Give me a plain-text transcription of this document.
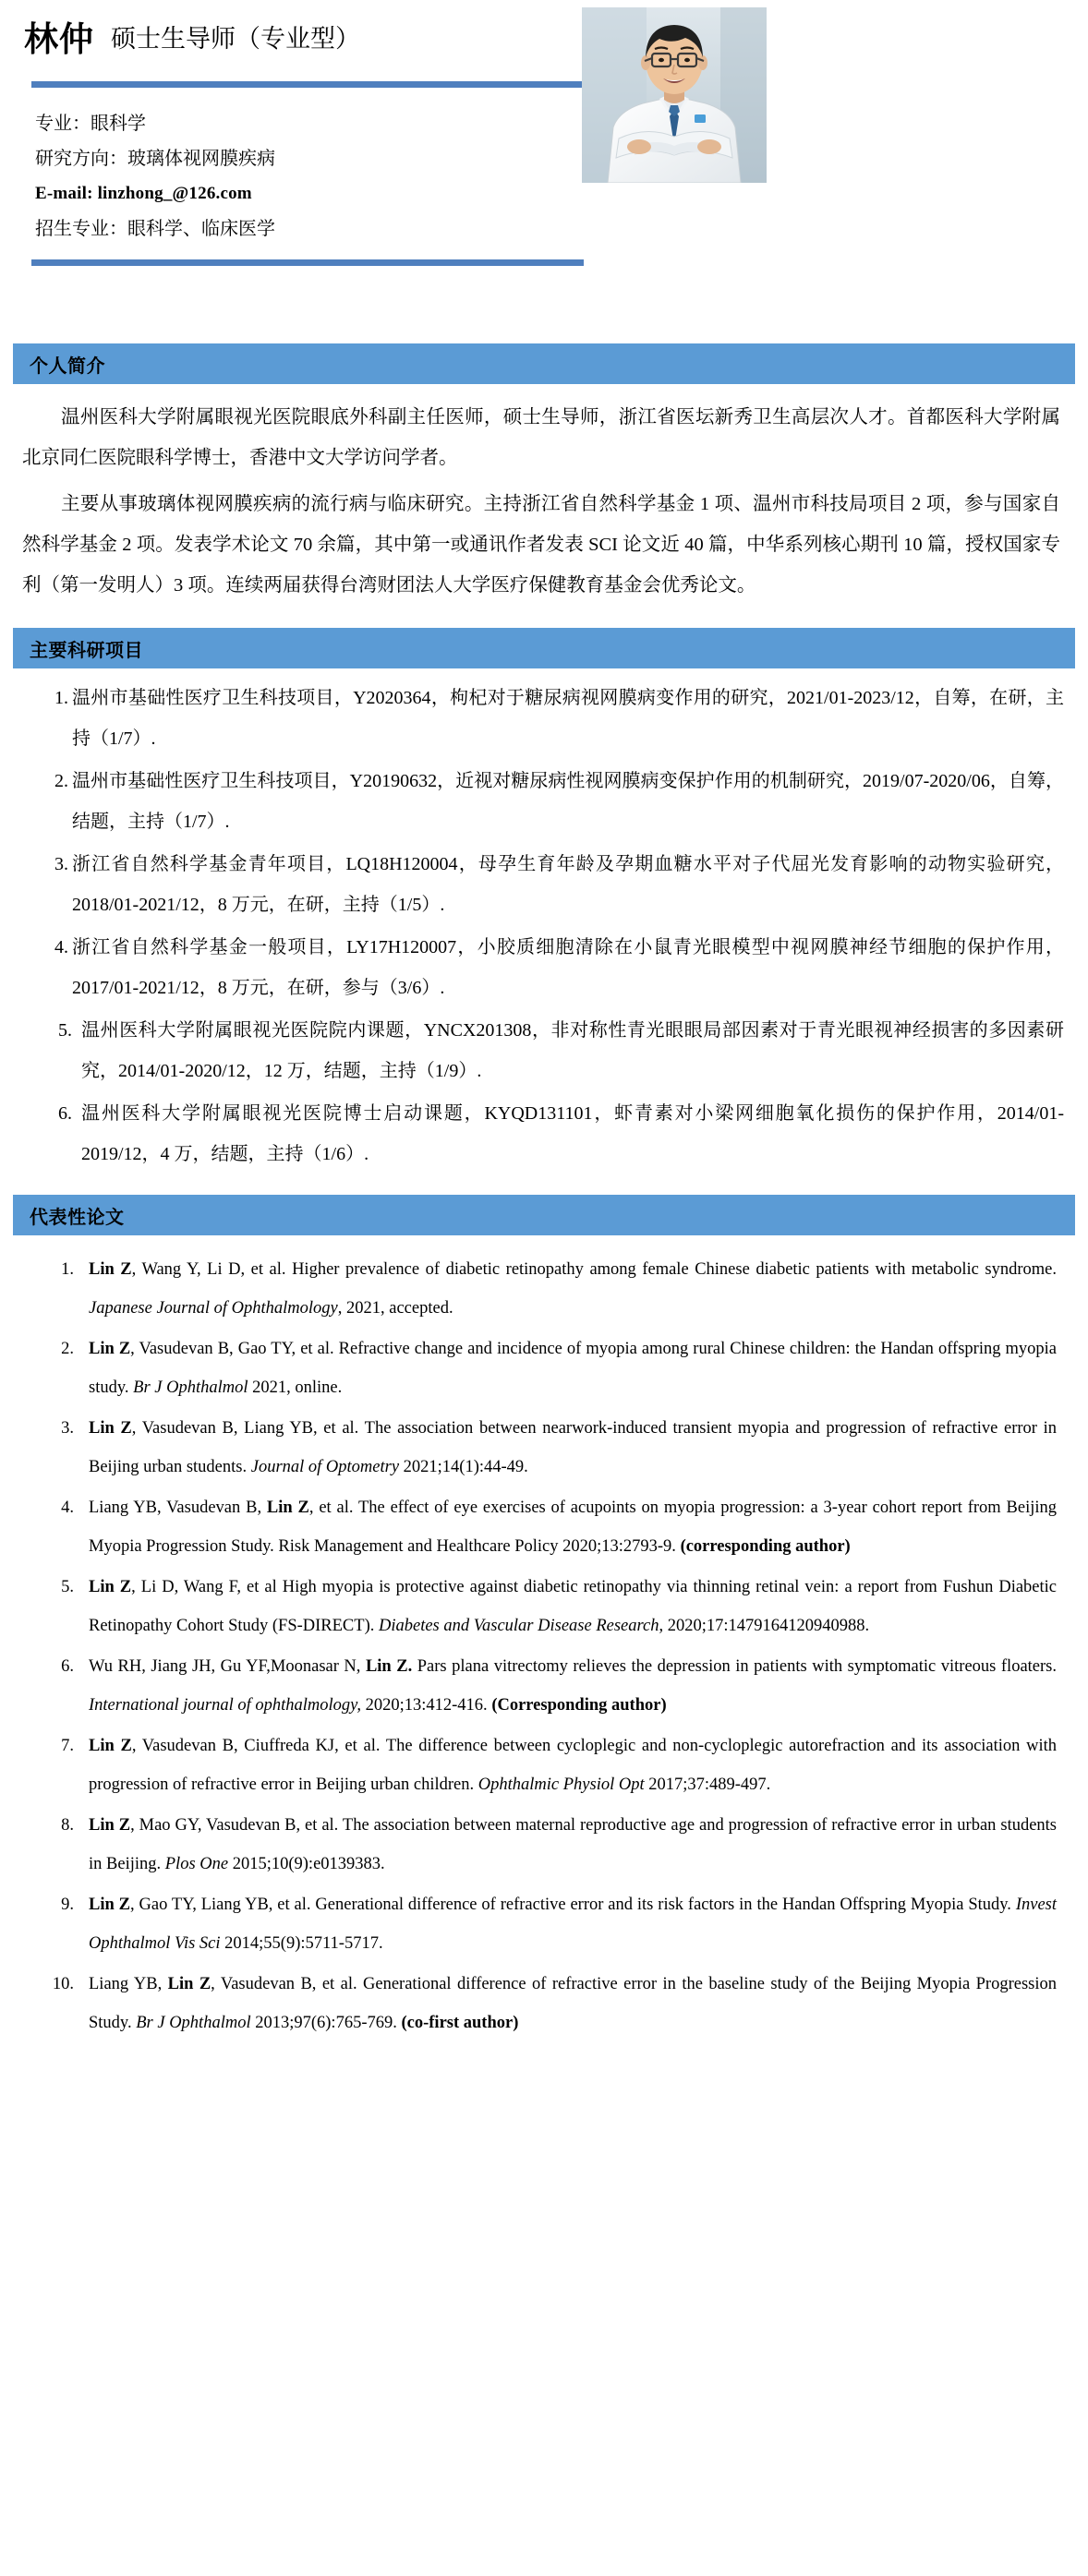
林仲 硕士生导师（专业型）
专业：眼科学
研究方向：玻璃体视网膜疾病
E-mail: linzhong_@126.com
招生专业：眼科学、临床医学
个人简介

温州医科大学附属眼视光医院眼底外科副主任医师，硕士生导师，浙江省医坛新秀卫生高层次人才。首都医科大学附属北京同仁医院眼科学博士，香港中文大学访问学者。

主要从事玻璃体视网膜疾病的流行病与临床研究。主持浙江省自然科学基金 1 项、温州市科技局项目 2 项，参与国家自然科学基金 2 项。发表学术论文 70 余篇，其中第一或通讯作者发表 SCI 论文近 40 篇，中华系列核心期刊 10 篇，授权国家专利（第一发明人）3 项。连续两届获得台湾财团法人大学医疗保健教育基金会优秀论文。

主要科研项目
1. 温州市基础性医疗卫生科技项目，Y2020364，枸杞对于糖尿病视网膜病变作用的研究，2021/01-2023/12，自筹，在研，主持（1/7）.
2. 温州市基础性医疗卫生科技项目，Y20190632，近视对糖尿病性视网膜病变保护作用的机制研究，2019/07-2020/06，自筹，结题，主持（1/7）.
3. 浙江省自然科学基金青年项目，LQ18H120004，母孕生育年龄及孕期血糖水平对子代屈光发育影响的动物实验研究，2018/01-2021/12，8 万元，在研，主持（1/5）.
4. 浙江省自然科学基金一般项目，LY17H120007，小胶质细胞清除在小鼠青光眼模型中视网膜神经节细胞的保护作用，2017/01-2021/12，8 万元，在研，参与（3/6）.
5. 温州医科大学附属眼视光医院院内课题，YNCX201308，非对称性青光眼眼局部因素对于青光眼视神经损害的多因素研究，2014/01-2020/12，12 万，结题，主持（1/9）.
6. 温州医科大学附属眼视光医院博士启动课题，KYQD131101，虾青素对小梁网细胞氧化损伤的保护作用，2014/01-2019/12，4 万，结题，主持（1/6）.
代表性论文
1. Lin Z, Wang Y, Li D, et al. Higher prevalence of diabetic retinopathy among female Chinese diabetic patients with metabolic syndrome. Japanese Journal of Ophthalmology, 2021, accepted.
2. Lin Z, Vasudevan B, Gao TY, et al. Refractive change and incidence of myopia among rural Chinese children: the Handan offspring myopia study. Br J Ophthalmol 2021, online.
3. Lin Z, Vasudevan B, Liang YB, et al. The association between nearwork-induced transient myopia and progression of refractive error in Beijing urban students. Journal of Optometry 2021;14(1):44-49.
4. Liang YB, Vasudevan B, Lin Z, et al. The effect of eye exercises of acupoints on myopia progression: a 3-year cohort report from Beijing Myopia Progression Study. Risk Management and Healthcare Policy 2020;13:2793-9. (corresponding author)
5. Lin Z, Li D, Wang F, et al High myopia is protective against diabetic retinopathy via thinning retinal vein: a report from Fushun Diabetic Retinopathy Cohort Study (FS-DIRECT). Diabetes and Vascular Disease Research, 2020;17:1479164120940988.
6. Wu RH, Jiang JH, Gu YF,Moonasar N, Lin Z. Pars plana vitrectomy relieves the depression in patients with symptomatic vitreous floaters. International journal of ophthalmology, 2020;13:412-416. (Corresponding author)
7. Lin Z, Vasudevan B, Ciuffreda KJ, et al. The difference between cycloplegic and non-cycloplegic autorefraction and its association with progression of refractive error in Beijing urban children. Ophthalmic Physiol Opt 2017;37:489-497.
8. Lin Z, Mao GY, Vasudevan B, et al. The association between maternal reproductive age and progression of refractive error in urban students in Beijing. Plos One 2015;10(9):e0139383.
9. Lin Z, Gao TY, Liang YB, et al. Generational difference of refractive error and its risk factors in the Handan Offspring Myopia Study. Invest Ophthalmol Vis Sci 2014;55(9):5711-5717.
10. Liang YB, Lin Z, Vasudevan B, et al. Generational difference of refractive error in the baseline study of the Beijing Myopia Progression Study. Br J Ophthalmol 2013;97(6):765-769. (co-first author)
